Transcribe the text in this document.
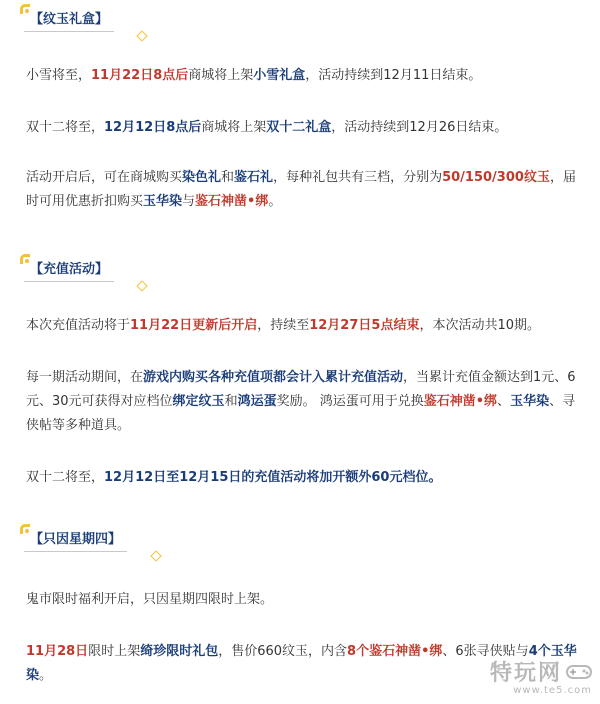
【纹玉礼盒】

小雪将至，11月22日8点后商城将上架小雪礼盒，活动持续到12月11日结束。

双十二将至，12月12日8点后商城将上架双十二礼盒，活动持续到12月26日结束。

活动开启后，可在商城购买染色礼和鉴石礼，每种礼包共有三档，分别为50/150/300纹玉，届时可用优惠折扣购买玉华染与鉴石神凿•绑。

【充值活动】

本次充值活动将于11月22日更新后开启，持续至12月27日5点结束，本次活动共10期。

每一期活动期间，在游戏内购买各种充值项都会计入累计充值活动，当累计充值金额达到1元、6元、30元可获得对应档位绑定纹玉和鸿运蛋奖励。 鸿运蛋可用于兑换鉴石神凿•绑、玉华染、寻侠帖等多种道具。

双十二将至，12月12日至12月15日的充值活动将加开额外60元档位。

【只因星期四】

鬼市限时福利开启，只因星期四限时上架。

11月28日限时上架绮珍限时礼包，售价660纹玉，内含8个鉴石神凿•绑、6张寻侠贴与4个玉华染。	特玩网
www.te5.com
